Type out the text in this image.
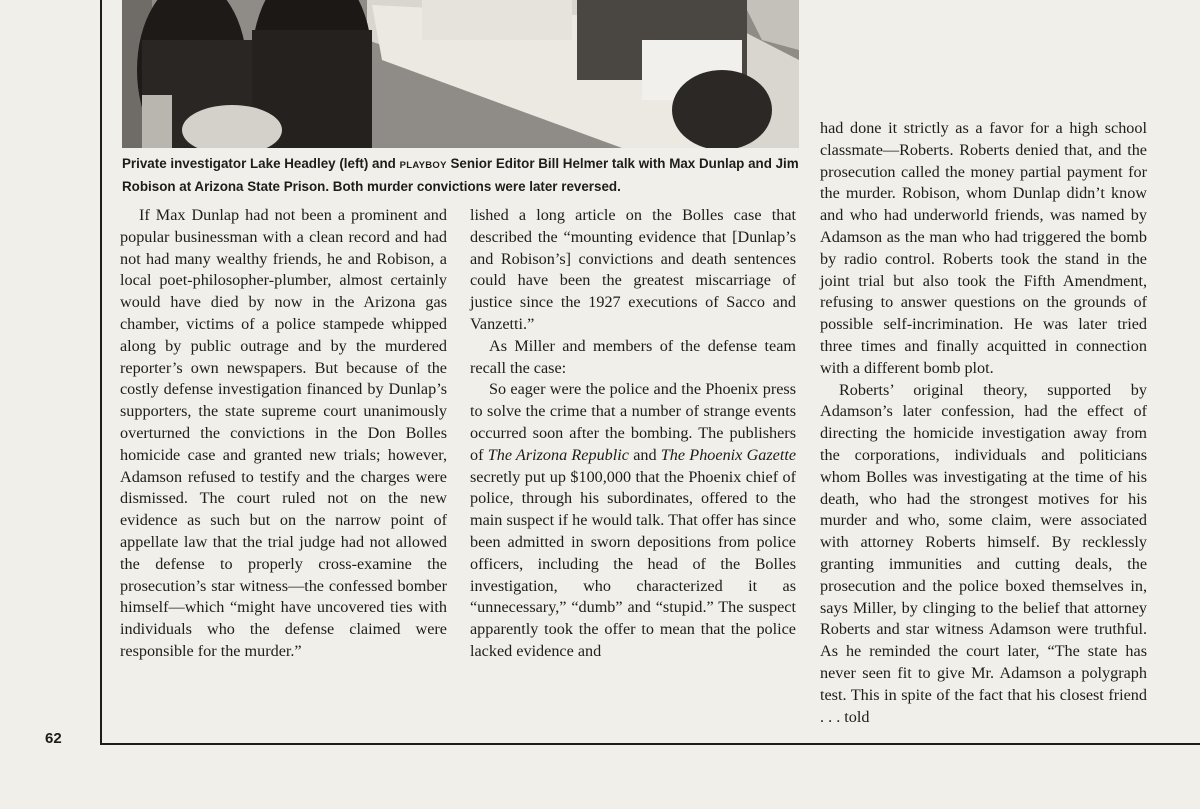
Private investigator Lake Headley (left) and PLAYBOY Senior Editor Bill Helmer talk with Max Dunlap and Jim Robison at Arizona State Prison. Both murder convictions were later reversed.

If Max Dunlap had not been a prominent and popular businessman with a clean record and had not had many wealthy friends, he and Robison, a local poet-philosopher-plumber, almost certainly would have died by now in the Arizona gas chamber, victims of a police stampede whipped along by public outrage and by the murdered reporter’s own newspapers. But because of the costly defense investigation financed by Dunlap’s supporters, the state supreme court unanimously overturned the convictions in the Don Bolles homicide case and granted new trials; however, Adamson refused to testify and the charges were dismissed. The court ruled not on the new evidence as such but on the narrow point of appellate law that the trial judge had not allowed the defense to properly cross-examine the prosecution’s star witness—the confessed bomber himself—which “might have uncovered ties with individuals who the defense claimed were responsible for the murder.”

lished a long article on the Bolles case that described the “mounting evidence that [Dunlap’s and Robison’s] convictions and death sentences could have been the greatest miscarriage of justice since the 1927 executions of Sacco and Vanzetti.”

As Miller and members of the defense team recall the case:

So eager were the police and the Phoenix press to solve the crime that a number of strange events occurred soon after the bombing. The publishers of The Arizona Republic and The Phoenix Gazette secretly put up $100,000 that the Phoenix chief of police, through his subordinates, offered to the main suspect if he would talk. That offer has since been admitted in sworn depositions from police officers, including the head of the Bolles investigation, who characterized it as “unnecessary,” “dumb” and “stupid.” The suspect apparently took the offer to mean that the police lacked evidence and

had done it strictly as a favor for a high school classmate—Roberts. Roberts denied that, and the prosecution called the money partial payment for the murder. Robison, whom Dunlap didn’t know and who had underworld friends, was named by Adamson as the man who had triggered the bomb by radio control. Roberts took the stand in the joint trial but also took the Fifth Amendment, refusing to answer questions on the grounds of possible self-incrimination. He was later tried three times and finally acquitted in connection with a different bomb plot.

Roberts’ original theory, supported by Adamson’s later confession, had the effect of directing the homicide investigation away from the corporations, individuals and politicians whom Bolles was investigating at the time of his death, who had the strongest motives for his murder and who, some claim, were associated with attorney Roberts himself. By recklessly granting immunities and cutting deals, the prosecution and the police boxed themselves in, says Miller, by clinging to the belief that attorney Roberts and star witness Adamson were truthful. As he reminded the court later, “The state has never seen fit to give Mr. Adamson a polygraph test. This in spite of the fact that his closest friend . . . told

62
